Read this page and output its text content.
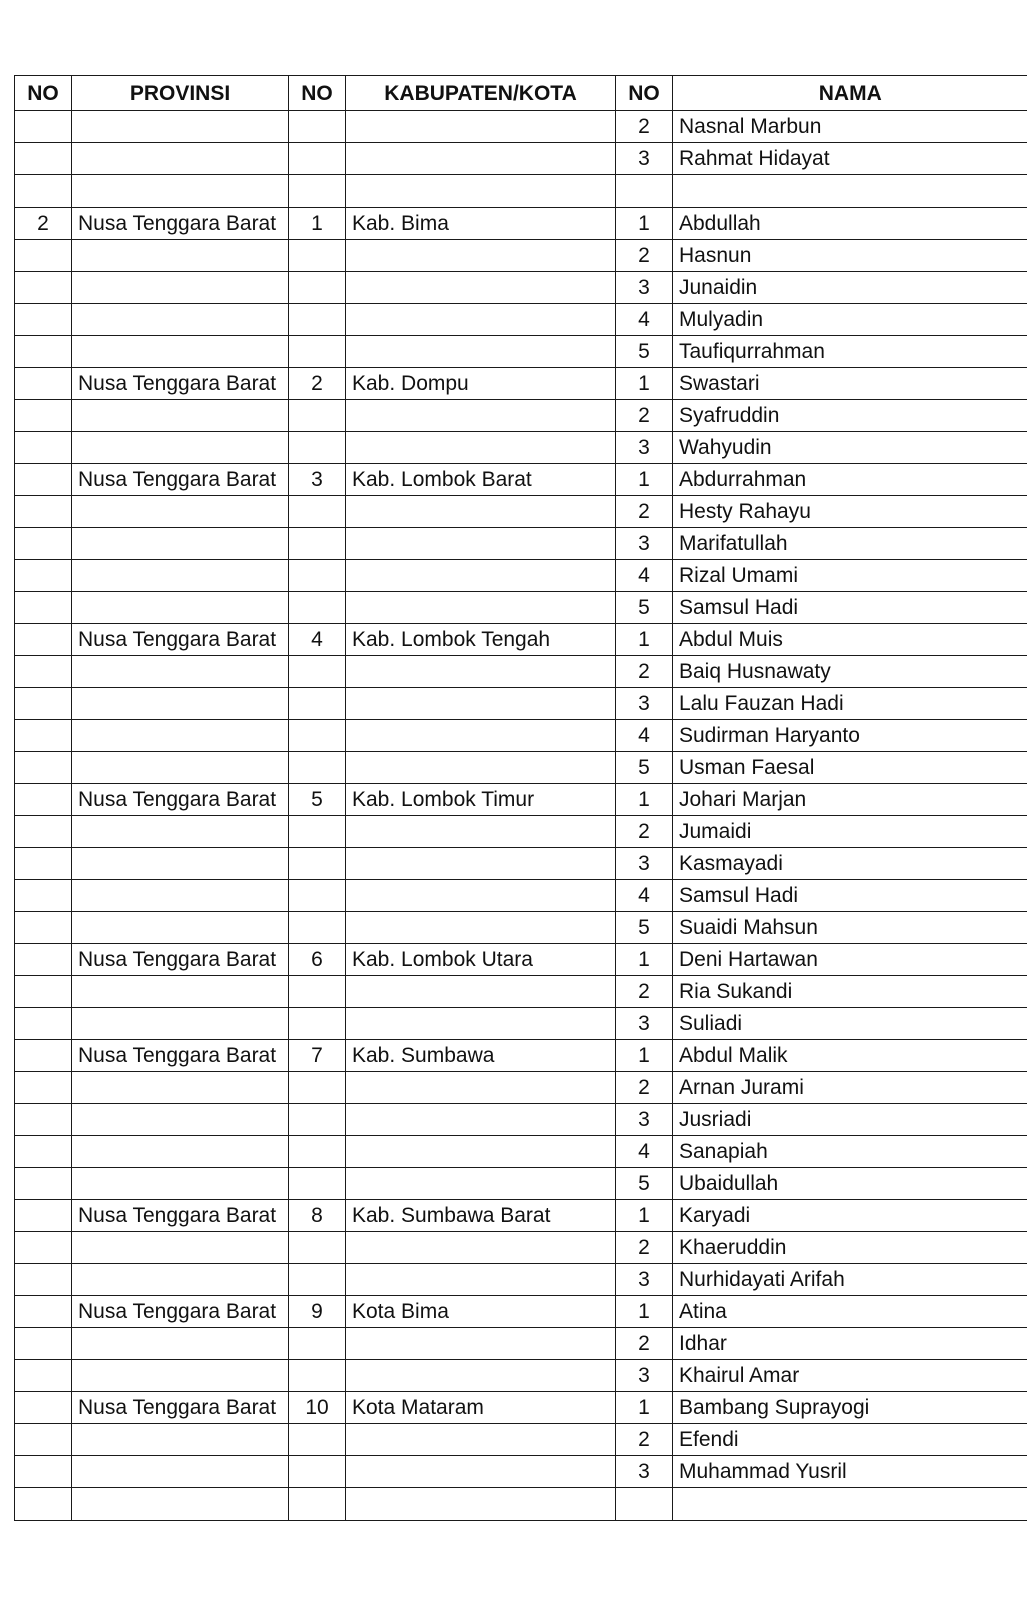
NO	PROVINSI	NO	KABUPATEN/KOTA	NO	NAMA
				2	Nasnal Marbun
				3	Rahmat Hidayat

2	Nusa Tenggara Barat	1	Kab. Bima	1	Abdullah
				2	Hasnun
				3	Junaidin
				4	Mulyadin
				5	Taufiqurrahman
	Nusa Tenggara Barat	2	Kab. Dompu	1	Swastari
				2	Syafruddin
				3	Wahyudin
	Nusa Tenggara Barat	3	Kab. Lombok Barat	1	Abdurrahman
				2	Hesty Rahayu
				3	Marifatullah
				4	Rizal Umami
				5	Samsul Hadi
	Nusa Tenggara Barat	4	Kab. Lombok Tengah	1	Abdul Muis
				2	Baiq Husnawaty
				3	Lalu Fauzan Hadi
				4	Sudirman Haryanto
				5	Usman Faesal
	Nusa Tenggara Barat	5	Kab. Lombok Timur	1	Johari Marjan
				2	Jumaidi
				3	Kasmayadi
				4	Samsul Hadi
				5	Suaidi Mahsun
	Nusa Tenggara Barat	6	Kab. Lombok Utara	1	Deni Hartawan
				2	Ria Sukandi
				3	Suliadi
	Nusa Tenggara Barat	7	Kab. Sumbawa	1	Abdul Malik
				2	Arnan Jurami
				3	Jusriadi
				4	Sanapiah
				5	Ubaidullah
	Nusa Tenggara Barat	8	Kab. Sumbawa Barat	1	Karyadi
				2	Khaeruddin
				3	Nurhidayati Arifah
	Nusa Tenggara Barat	9	Kota Bima	1	Atina
				2	Idhar
				3	Khairul Amar
	Nusa Tenggara Barat	10	Kota Mataram	1	Bambang Suprayogi
				2	Efendi
				3	Muhammad Yusril
